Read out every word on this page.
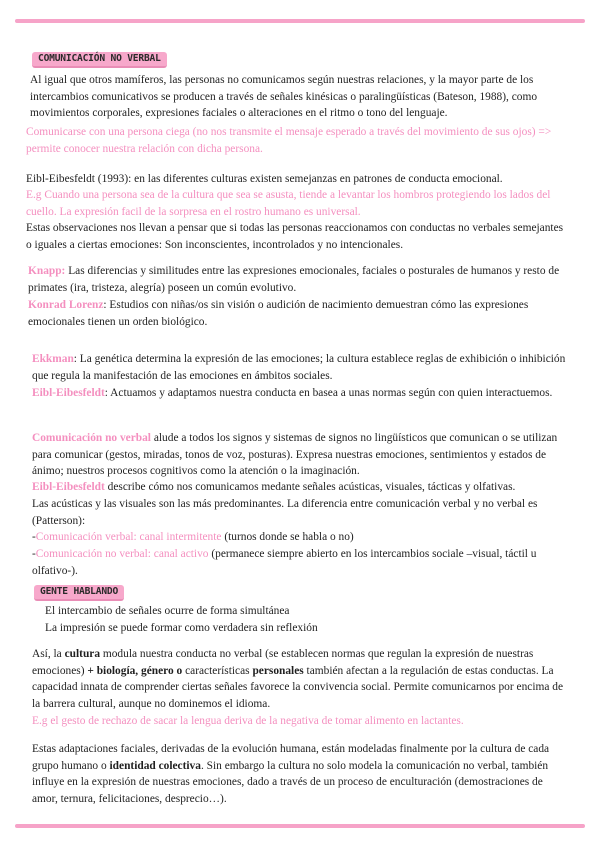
COMUNICACIÓN NO VERBAL

Al igual que otros mamíferos, las personas no comunicamos según nuestras relaciones, y la mayor parte de los intercambios comunicativos se producen a través de señales kinésicas o paralingüísticas (Bateson, 1988), como movimientos corporales, expresiones faciales o alteraciones en el ritmo o tono del lenguaje.

Comunicarse con una persona ciega (no nos transmite el mensaje esperado a través del movimiento de sus ojos) => permite conocer nuestra relación con dicha persona.

Eibl-Eibesfeldt (1993): en las diferentes culturas existen semejanzas en patrones de conducta emocional.

E.g Cuando una persona sea de la cultura que sea se asusta, tiende a levantar los hombros protegiendo los lados del cuello. La expresión facil de la sorpresa en el rostro humano es universal.

Estas observaciones nos llevan a pensar que si todas las personas reaccionamos con conductas no verbales semejantes o iguales a ciertas emociones: Son inconscientes, incontrolados y no intencionales.

Knapp: Las diferencias y similitudes entre las expresiones emocionales, faciales o posturales de humanos y resto de primates (ira, tristeza, alegría) poseen un común evolutivo.

Konrad Lorenz: Estudios con niñas/os sin visión o audición de nacimiento demuestran cómo las expresiones emocionales tienen un orden biológico.

Ekkman: La genética determina la expresión de las emociones; la cultura establece reglas de exhibición o inhibición que regula la manifestación de las emociones en ámbitos sociales.

Eibl-Eibesfeldt: Actuamos y adaptamos nuestra conducta en basea a unas normas según con quien interactuemos.

Comunicación no verbal alude a todos los signos y sistemas de signos no lingüísticos que comunican o se utilizan para comunicar (gestos, miradas, tonos de voz, posturas). Expresa nuestras emociones, sentimientos y estados de ánimo; nuestros procesos cognitivos como la atención o la imaginación.

Eibl-Eibesfeldt describe cómo nos comunicamos medante señales acústicas, visuales, tácticas y olfativas.

Las acústicas y las visuales son las más predominantes. La diferencia entre comunicación verbal y no verbal es (Patterson):

-Comunicación verbal: canal intermitente (turnos donde se habla o no)

-Comunicación no verbal: canal activo (permanece siempre abierto en los intercambios sociale –visual, táctil u olfativo-).

GENTE HABLANDO

El intercambio de señales ocurre de forma simultánea

La impresión se puede formar como verdadera sin reflexión

Así, la cultura modula nuestra conducta no verbal (se establecen normas que regulan la expresión de nuestras emociones) + biología, género o características personales también afectan a la regulación de estas conductas. La capacidad innata de comprender ciertas señales favorece la convivencia social. Permite comunicarnos por encima de la barrera cultural, aunque no dominemos el idioma.

E.g el gesto de rechazo de sacar la lengua deriva de la negativa de tomar alimento en lactantes.

Estas adaptaciones faciales, derivadas de la evolución humana, están modeladas finalmente por la cultura de cada grupo humano o identidad colectiva. Sin embargo la cultura no solo modela la comunicación no verbal, también influye en la expresión de nuestras emociones, dado a través de un proceso de enculturación (demostraciones de amor, ternura, felicitaciones, desprecio…).
